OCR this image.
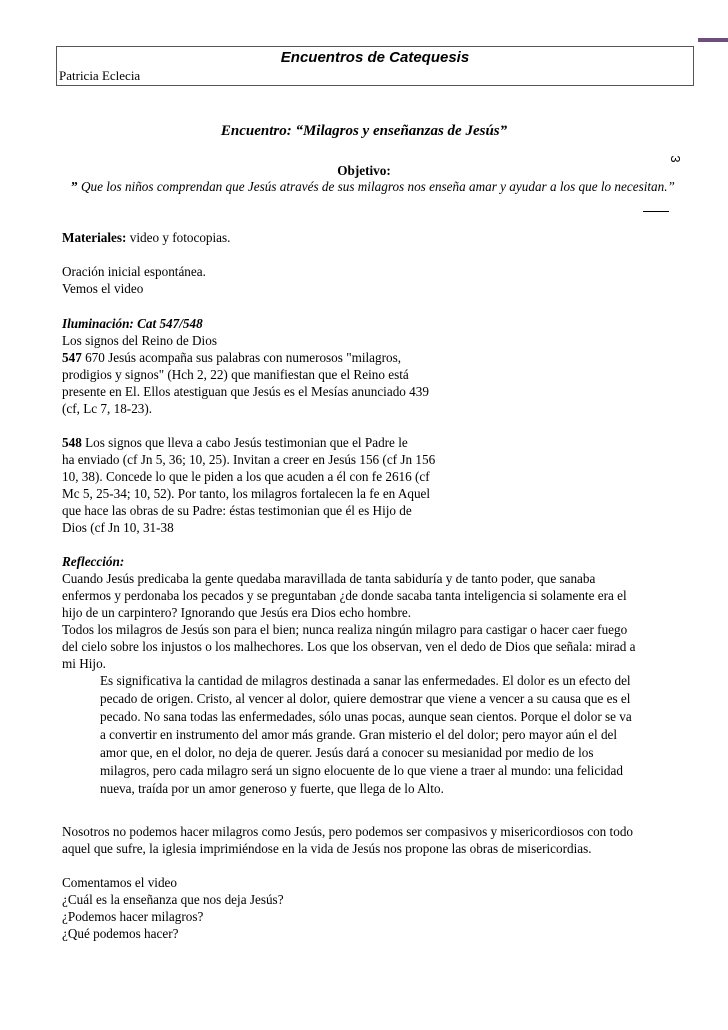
Encuentros de Catequesis
Patricia Eclecia
3
Encuentro: “Milagros y enseñanzas de Jesús”
Objetivo:
” Que los niños comprendan que Jesús através de sus milagros nos enseña amar y ayudar a los que lo necesitan.”
Materiales: video y fotocopias.
Oración inicial espontánea.
Vemos el video
Iluminación: Cat 547/548
Los signos del Reino de Dios
547 670 Jesús acompaña sus palabras con numerosos "milagros,
prodigios y signos" (Hch 2, 22) que manifiestan que el Reino está
presente en El. Ellos atestiguan que Jesús es el Mesías anunciado 439
(cf, Lc 7, 18-23).
548 Los signos que lleva a cabo Jesús testimonian que el Padre le
ha enviado (cf Jn 5, 36; 10, 25). Invitan a creer en Jesús 156 (cf Jn 156
10, 38). Concede lo que le piden a los que acuden a él con fe 2616 (cf
Mc 5, 25-34; 10, 52). Por tanto, los milagros fortalecen la fe en Aquel
que hace las obras de su Padre: éstas testimonian que él es Hijo de
Dios (cf Jn 10, 31-38
Reflección:
Cuando Jesús predicaba la gente quedaba maravillada de tanta sabiduría y de tanto poder, que sanaba
enfermos y perdonaba los pecados y se preguntaban ¿de donde sacaba tanta inteligencia si solamente era el
hijo de un carpintero? Ignorando que Jesús era Dios echo hombre.
Todos los milagros de Jesús son para el bien; nunca realiza ningún milagro para castigar o hacer caer fuego
del cielo sobre los injustos o los malhechores. Los que los observan, ven el dedo de Dios que señala: mirad a
mi Hijo.
Es significativa la cantidad de milagros destinada a sanar las enfermedades. El dolor es un efecto del
pecado de origen. Cristo, al vencer al dolor, quiere demostrar que viene a vencer a su causa que es el
pecado. No sana todas las enfermedades, sólo unas pocas, aunque sean cientos. Porque el dolor se va
a convertir en instrumento del amor más grande. Gran misterio el del dolor; pero mayor aún el del
amor que, en el dolor, no deja de querer. Jesús dará a conocer su mesianidad por medio de los
milagros, pero cada milagro será un signo elocuente de lo que viene a traer al mundo: una felicidad
nueva, traída por un amor generoso y fuerte, que llega de lo Alto.
Nosotros no podemos hacer milagros como Jesús, pero podemos ser compasivos y misericordiosos con todo
aquel que sufre, la iglesia imprimiéndose en la vida de Jesús nos propone las obras de misericordias.
Comentamos el video
¿Cuál es la enseñanza que nos deja Jesús?
¿Podemos hacer milagros?
¿Qué podemos hacer?
